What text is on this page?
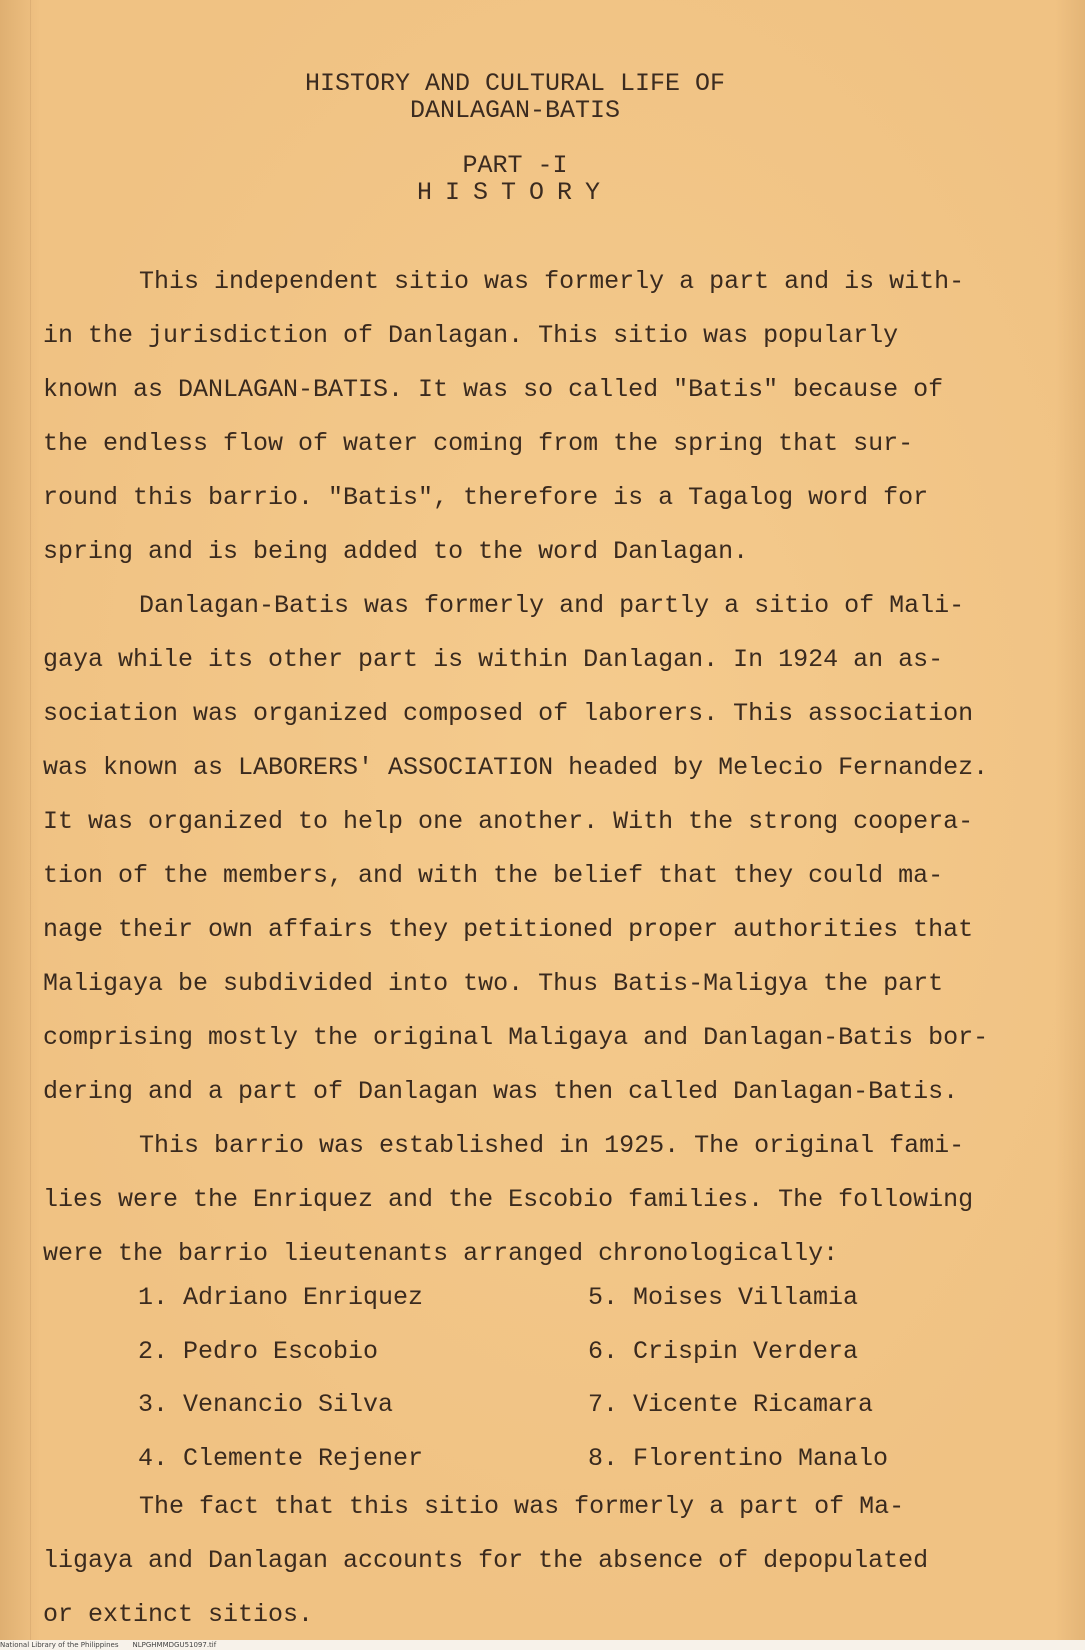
HISTORY AND CULTURAL LIFE OF
DANLAGAN-BATIS
PART -I
HISTORY
This independent sitio was formerly a part and is with-
in the jurisdiction of Danlagan. This sitio was popularly
known as DANLAGAN-BATIS. It was so called "Batis" because of
the endless flow of water coming from the spring that sur-
round this barrio. "Batis", therefore is a Tagalog word for
spring and is being added to the word Danlagan.
Danlagan-Batis was formerly and partly a sitio of Mali-
gaya while its other part is within Danlagan. In 1924 an as-
sociation was organized composed of laborers. This association
was known as LABORERS' ASSOCIATION headed by Melecio Fernandez.
It was organized to help one another. With the strong coopera-
tion of the members, and with the belief that they could ma-
nage their own affairs they petitioned proper authorities that
Maligaya be subdivided into two. Thus Batis-Maligya the part
comprising mostly the original Maligaya and Danlagan-Batis bor-
dering and a part of Danlagan was then called Danlagan-Batis.
This barrio was established in 1925. The original fami-
lies were the Enriquez and the Escobio families. The following
were the barrio lieutenants arranged chronologically:
1. Adriano Enriquez	5. Moises Villamia
2. Pedro Escobio	6. Crispin Verdera
3. Venancio Silva	7. Vicente Ricamara
4. Clemente Rejener	8. Florentino Manalo
The fact that this sitio was formerly a part of Ma-
ligaya and Danlagan accounts for the absence of depopulated
or extinct sitios.
National Library of the Philippines NLPGHMMDGU51097.tif
